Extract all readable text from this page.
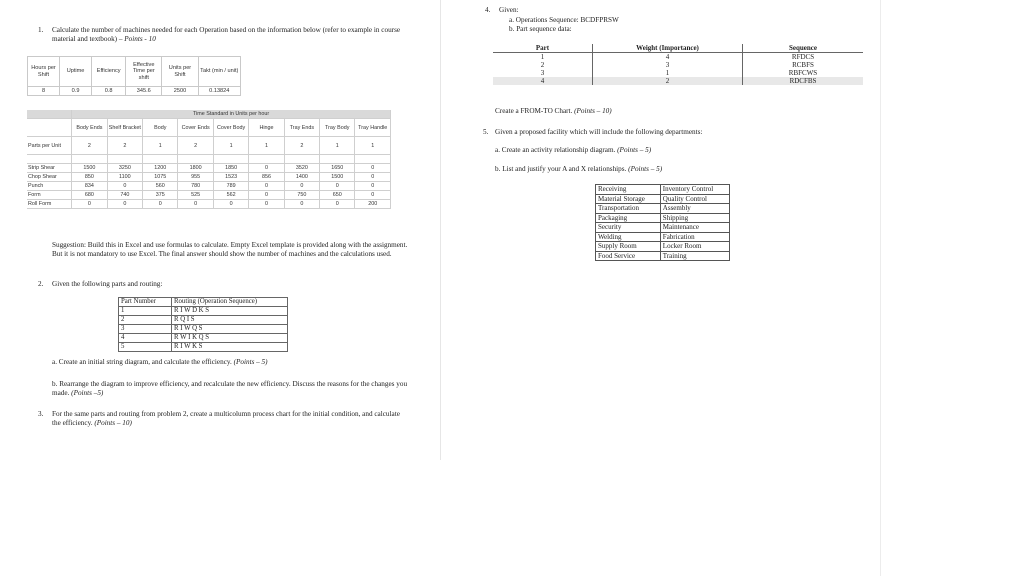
1. Calculate the number of machines needed for each Operation based on the information below (refer to example in course material and textbook) – Points - 10
Hours per Shift	Uptime	Efficiency	Effective Time per shift	Units per Shift	Takt (min / unit)
8	0.9	0.8	345.6	2500	0.13824
	Time Standard in Units per hour								
	Body Ends	Shelf Bracket	Body	Cover Ends	Cover Body	Hinge	Tray Ends	Tray Body	Tray Handle
Parts per Unit	2	2	1	2	1	1	2	1	1

Strip Shear	1500	3250	1200	1800	1850	0	3520	1650	0
Chop Shear	850	1100	1075	955	1523	856	1400	1500	0
Punch	834	0	560	780	789	0	0	0	0
Form	680	740	375	525	562	0	750	650	0
Roll Form	0	0	0	0	0	0	0	0	200
Suggestion: Build this in Excel and use formulas to calculate. Empty Excel template is provided along with the assignment. But it is not mandatory to use Excel. The final answer should show the number of machines and the calculations used.
2. Given the following parts and routing:
Part Number	Routing (Operation Sequence)
1	R I W D K S
2	R Q I S
3	R I W Q S
4	R W I K Q S
5	R I W K S
a. Create an initial string diagram, and calculate the efficiency. (Points – 5)
b. Rearrange the diagram to improve efficiency, and recalculate the new efficiency. Discuss the reasons for the changes you made. (Points –5)
3. For the same parts and routing from problem 2, create a multicolumn process chart for the initial condition, and calculate the efficiency. (Points – 10)
4. Given:
a. Operations Sequence: BCDFPRSW
b. Part sequence data:
Part	Weight (Importance)	Sequence
1	4	RFDCS
2	3	RCBFS
3	1	RBFCWS
4	2	RDCFBS
Create a FROM-TO Chart. (Points – 10)
5. Given a proposed facility which will include the following departments:
a. Create an activity relationship diagram. (Points – 5)
b. List and justify your A and X relationships. (Points – 5)
Receiving	Inventory Control
Material Storage	Quality Control
Transportation	Assembly
Packaging	Shipping
Security	Maintenance
Welding	Fabrication
Supply Room	Locker Room
Food Service	Training
